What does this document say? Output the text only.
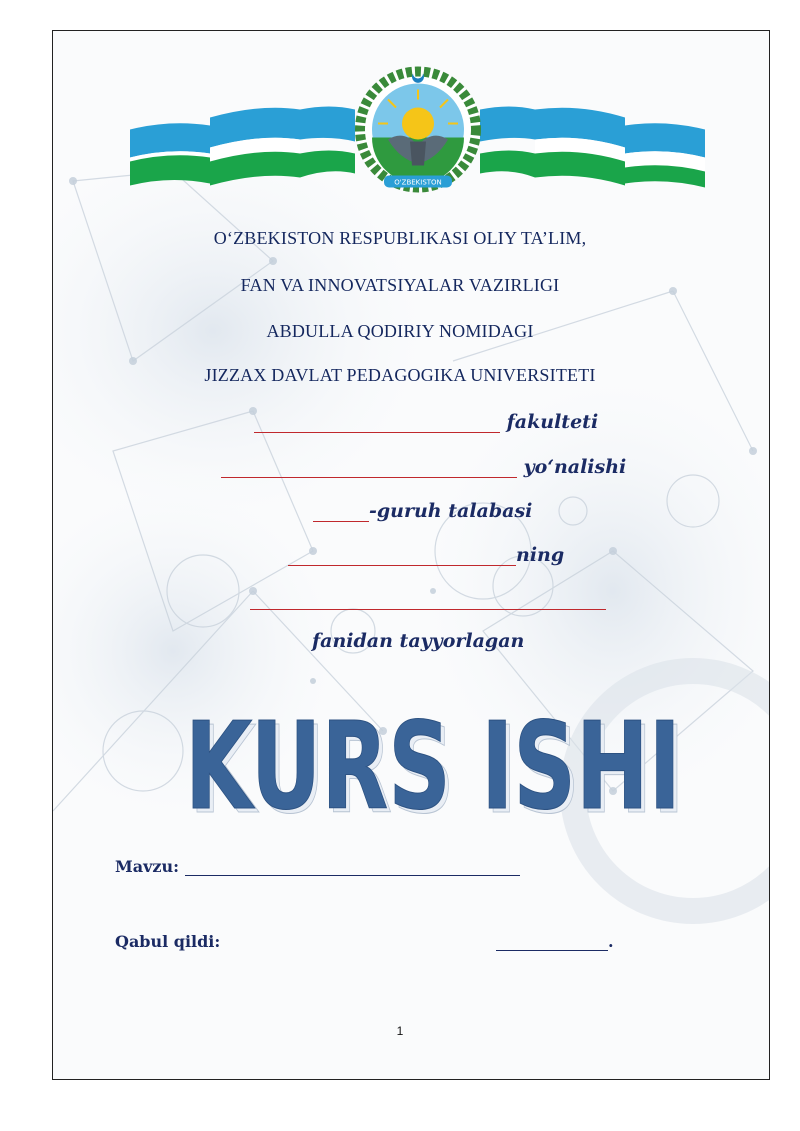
O'ZBEKISTON
O‘ZBEKISTON RESPUBLIKASI OLIY TA’LIM,
FAN VA INNOVATSIYALAR VAZIRLIGI
ABDULLA QODIRIY NOMIDAGI
JIZZAX DAVLAT PEDAGOGIKA UNIVERSITETI
fakulteti
yo‘nalishi
-guruh talabasi
ning
fanidan tayyorlagan
KURS ISHI
KURS ISHI
Mavzu:
Qabul qildi:	.
1
